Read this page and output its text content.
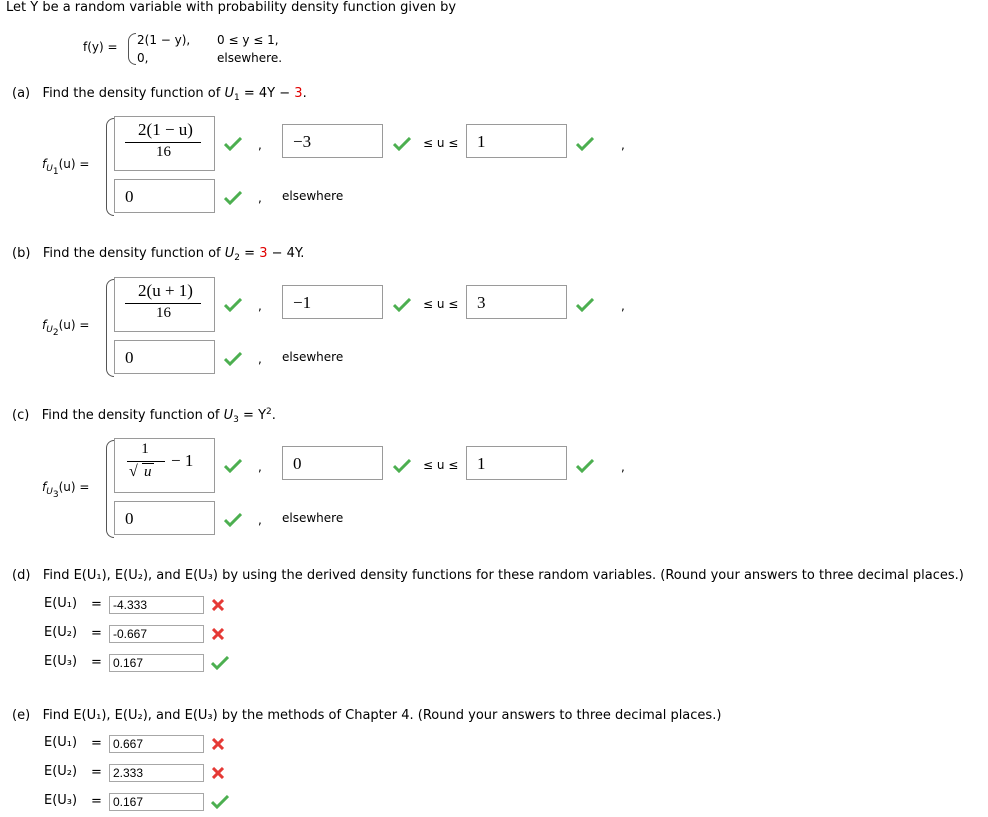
Let Y be a random variable with probability density function given by
f(y) = 2(1 − y), 0 ≤ y ≤ 1,
0,	elsewhere.
(a) Find the density function of $U_1 = 4Y - 3$.
$f_{U_1}(u)$ =
2(1 − u)
16	, −3	≤ u ≤ 1	,
0	, elsewhere
(b) Find the density function of $U_2 = 3 - 4Y$.
$f_{U_2}(u)$ =
2(u + 1)
16	, −1	≤ u ≤ 3	,
0	, elsewhere
(c) Find the density function of $U_3 = Y^2$.
$f_{U_3}(u)$ =
1
√ u
− 1	, 0	≤ u ≤ 1	,
0	, elsewhere
(d) Find E(U₁), E(U₂), and E(U₃) by using the derived density functions for these random variables. (Round your answers to three decimal places.)
E(U₁) = -4.333
E(U₂) = -0.667
E(U₃) = 0.167
(e) Find E(U₁), E(U₂), and E(U₃) by the methods of Chapter 4. (Round your answers to three decimal places.)
E(U₁) = 0.667
E(U₂) = 2.333
E(U₃) = 0.167
